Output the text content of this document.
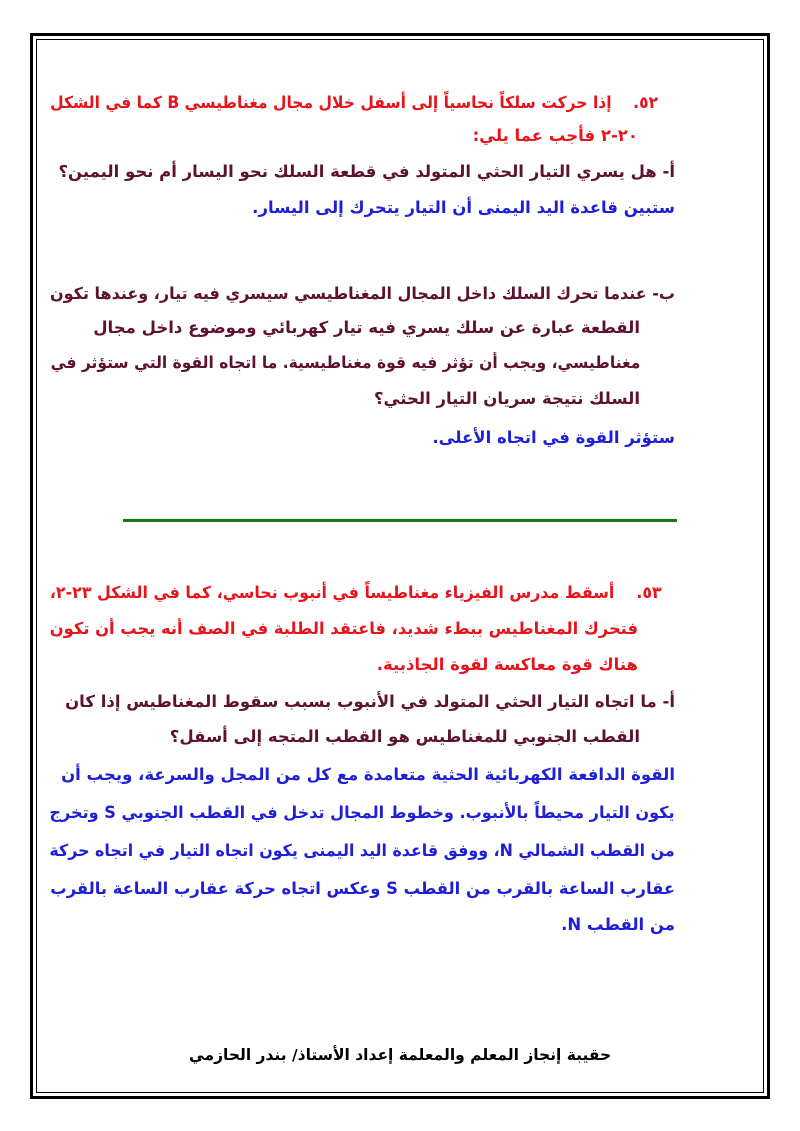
٥٢.    إذا حركت سلكاً نحاسياً إلى أسفل خلال مجال مغناطيسي B كما في الشكل
٢٠-٢ فأجب عما يلي:
أ- هل يسري التيار الحثي المتولد في قطعة السلك نحو اليسار أم نحو اليمين؟
ستبين قاعدة اليد اليمنى أن التيار يتحرك إلى اليسار.
ب- عندما تحرك السلك داخل المجال المغناطيسي سيسري فيه تيار، وعندها تكون
القطعة عبارة عن سلك يسري فيه تيار كهربائي وموضوع داخل مجال
مغناطيسي، ويجب أن تؤثر فيه قوة مغناطيسية. ما اتجاه القوة التي ستؤثر في
السلك نتيجة سريان التيار الحثي؟
ستؤثر القوة في اتجاه الأعلى.
٥٣.    أسقط مدرس الفيزياء مغناطيساً في أنبوب نحاسي، كما في الشكل ٢٣-٢،
فتحرك المغناطيس ببطء شديد، فاعتقد الطلبة في الصف أنه يجب أن تكون
هناك قوة معاكسة لقوة الجاذبية.
أ- ما اتجاه التيار الحثي المتولد في الأنبوب بسبب سقوط المغناطيس إذا كان
القطب الجنوبي للمغناطيس هو القطب المتجه إلى أسفل؟
القوة الدافعة الكهربائية الحثية متعامدة مع كل من المجل والسرعة، ويجب أن
يكون التيار محيطاً بالأنبوب. وخطوط المجال تدخل في القطب الجنوبي S وتخرج
من القطب الشمالي N، ووفق قاعدة اليد اليمنى يكون اتجاه التيار في اتجاه حركة
عقارب الساعة بالقرب من القطب S وعكس اتجاه حركة عقارب الساعة بالقرب
من القطب N.
حقيبة إنجاز المعلم والمعلمة إعداد الأستاذ/ بندر الحازمي
